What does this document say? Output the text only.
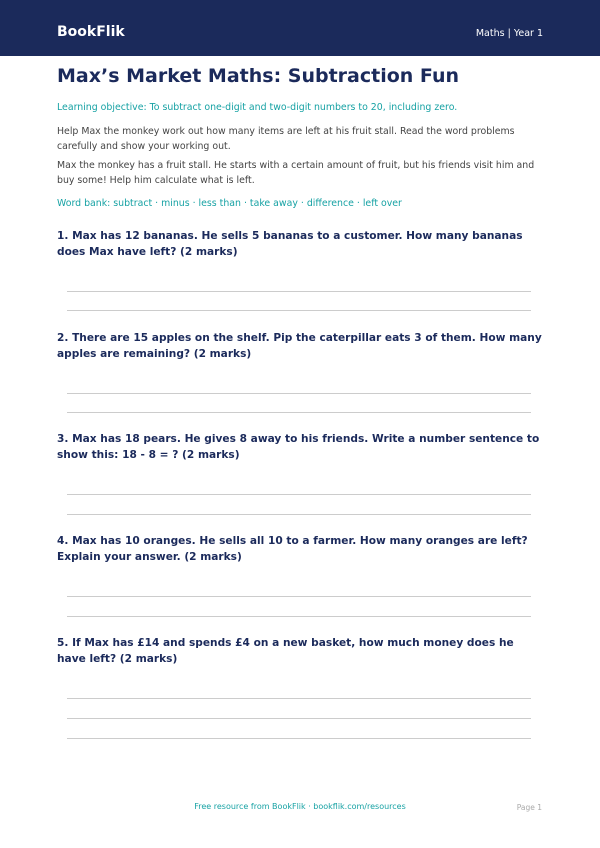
BookFlik	Maths | Year 1
Max’s Market Maths: Subtraction Fun

Learning objective: To subtract one-digit and two-digit numbers to 20, including zero.

Help Max the monkey work out how many items are left at his fruit stall. Read the word problems carefully and show your working out.

Max the monkey has a fruit stall. He starts with a certain amount of fruit, but his friends visit him and buy some! Help him calculate what is left.

Word bank: subtract · minus · less than · take away · difference · left over

1. Max has 12 bananas. He sells 5 bananas to a customer. How many bananas does Max have left? (2 marks)

2. There are 15 apples on the shelf. Pip the caterpillar eats 3 of them. How many apples are remaining? (2 marks)

3. Max has 18 pears. He gives 8 away to his friends. Write a number sentence to show this: 18 - 8 = ? (2 marks)

4. Max has 10 oranges. He sells all 10 to a farmer. How many oranges are left? Explain your answer. (2 marks)

5. If Max has £14 and spends £4 on a new basket, how much money does he have left? (2 marks)

Free resource from BookFlik · bookflik.com/resources	Page 1
